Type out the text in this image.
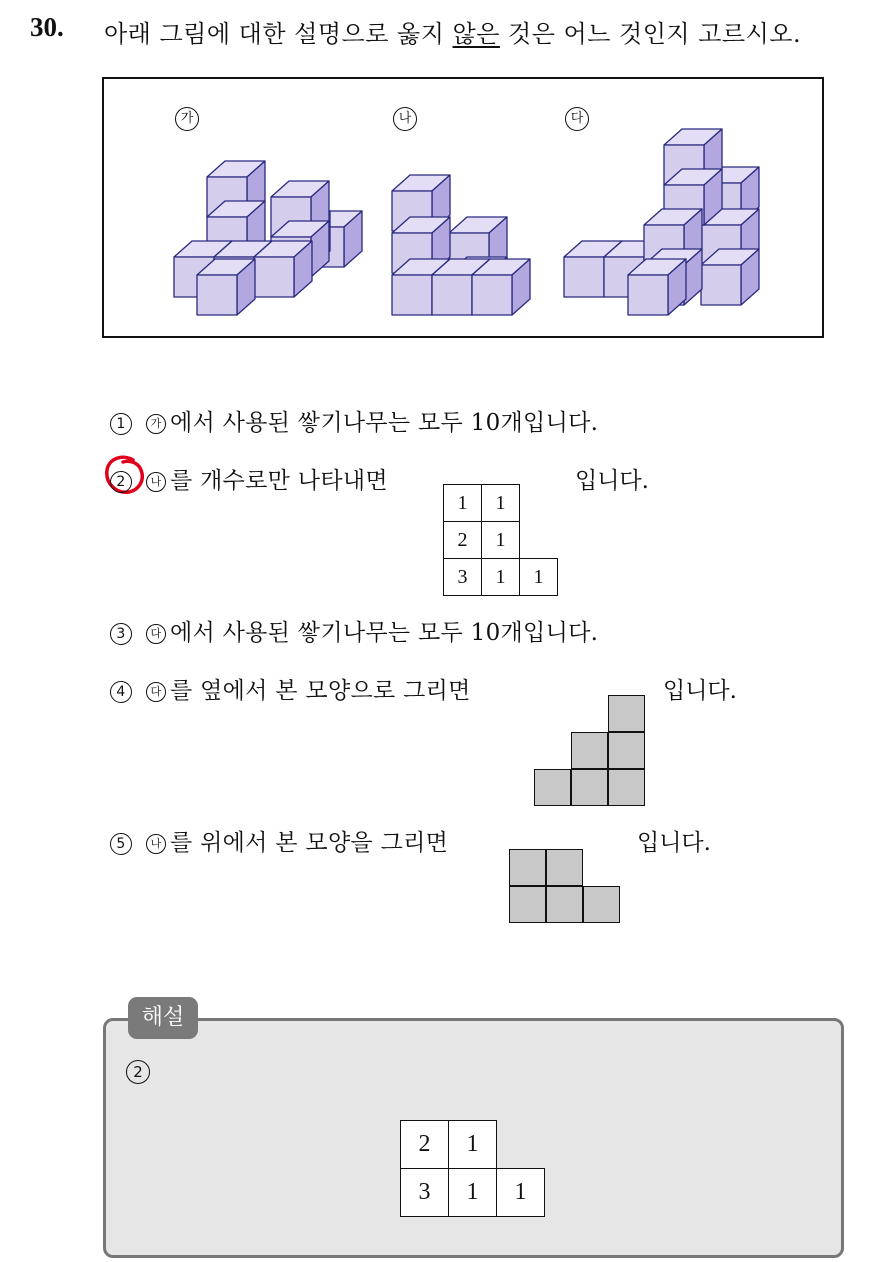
30. 아래 그림에 대한 설명으로 옳지 않은 것은 어느 것인지 고르시오.
가	나	다
1 가 에서 사용된 쌓기나무는 모두 10개입니다.
2 나 를 개수로만 나타내면	입니다.
1	1	
2	1	
3	1	1
3 다 에서 사용된 쌓기나무는 모두 10개입니다.
4 다 를 옆에서 본 모양으로 그리면	입니다.
5 나 를 위에서 본 모양을 그리면	입니다.
해설
2
2	1	
3	1	1
